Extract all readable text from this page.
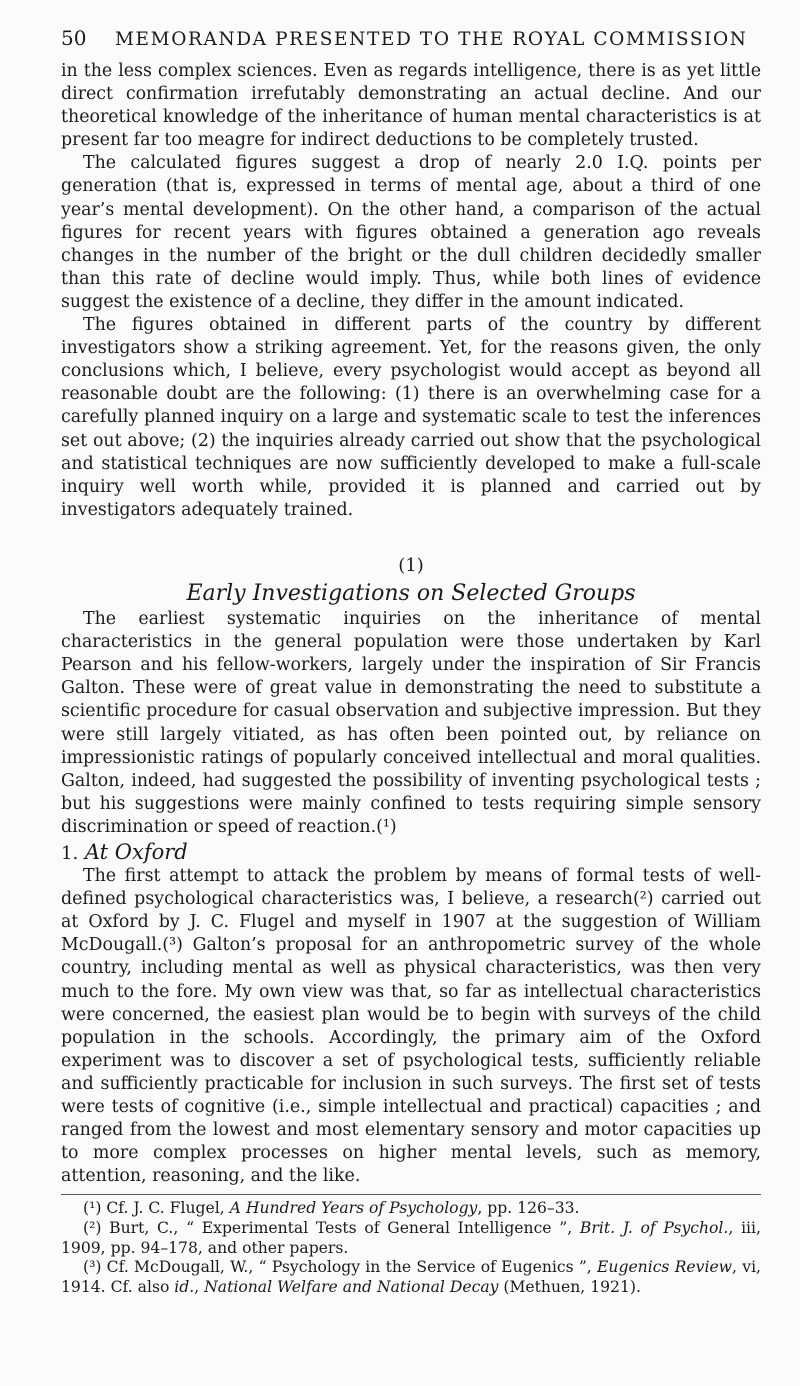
50 MEMORANDA PRESENTED TO THE ROYAL COMMISSION

in the less complex sciences. Even as regards intelligence, there is as yet little direct confirmation irrefutably demonstrating an actual decline. And our theoretical knowledge of the inheritance of human mental characteristics is at present far too meagre for indirect deductions to be completely trusted.

The calculated figures suggest a drop of nearly 2.0 I.Q. points per generation (that is, expressed in terms of mental age, about a third of one year’s mental development). On the other hand, a comparison of the actual figures for recent years with figures obtained a generation ago reveals changes in the number of the bright or the dull children decidedly smaller than this rate of decline would imply. Thus, while both lines of evidence suggest the existence of a decline, they differ in the amount indicated.

The figures obtained in different parts of the country by different investigators show a striking agreement. Yet, for the reasons given, the only conclusions which, I believe, every psychologist would accept as beyond all reasonable doubt are the following: (1) there is an overwhelming case for a carefully planned inquiry on a large and systematic scale to test the inferences set out above; (2) the inquiries already carried out show that the psychological and statistical techniques are now sufficiently developed to make a full-scale inquiry well worth while, provided it is planned and carried out by investigators adequately trained.

(1)
Early Investigations on Selected Groups

The earliest systematic inquiries on the inheritance of mental characteristics in the general population were those undertaken by Karl Pearson and his fellow-workers, largely under the inspiration of Sir Francis Galton. These were of great value in demonstrating the need to substitute a scientific procedure for casual observation and subjective impression. But they were still largely vitiated, as has often been pointed out, by reliance on impressionistic ratings of popularly conceived intellectual and moral qualities. Galton, indeed, had suggested the possibility of inventing psychological tests ; but his suggestions were mainly confined to tests requiring simple sensory discrimination or speed of reaction.(¹)

1. At Oxford

The first attempt to attack the problem by means of formal tests of well-defined psychological characteristics was, I believe, a research(²) carried out at Oxford by J. C. Flugel and myself in 1907 at the suggestion of William McDougall.(³) Galton’s proposal for an anthropometric survey of the whole country, including mental as well as physical characteristics, was then very much to the fore. My own view was that, so far as intellectual characteristics were concerned, the easiest plan would be to begin with surveys of the child population in the schools. Accordingly, the primary aim of the Oxford experiment was to discover a set of psychological tests, sufficiently reliable and sufficiently practicable for inclusion in such surveys. The first set of tests were tests of cognitive (i.e., simple intellectual and practical) capacities ; and ranged from the lowest and most elementary sensory and motor capacities up to more complex processes on higher mental levels, such as memory, attention, reasoning, and the like.

(¹) Cf. J. C. Flugel, A Hundred Years of Psychology, pp. 126–33.
(²) Burt, C., “ Experimental Tests of General Intelligence ”, Brit. J. of Psychol., iii, 1909, pp. 94–178, and other papers.
(³) Cf. McDougall, W., “ Psychology in the Service of Eugenics ”, Eugenics Review, vi, 1914. Cf. also id., National Welfare and National Decay (Methuen, 1921).
